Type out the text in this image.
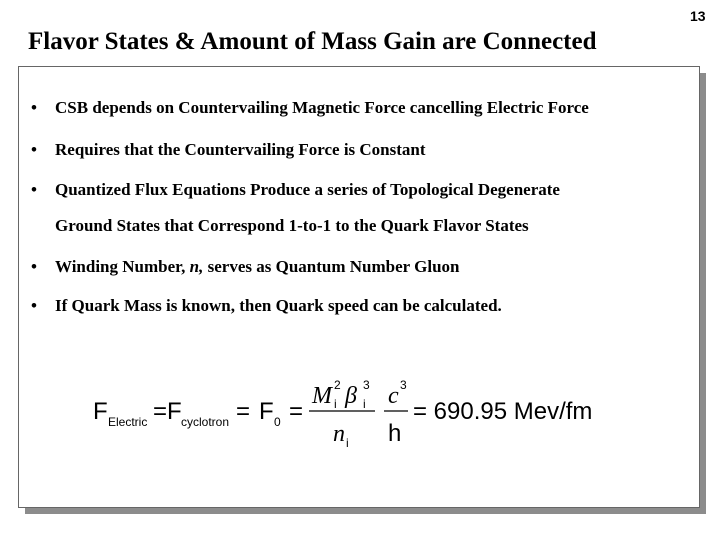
13
Flavor States & Amount of Mass Gain are Connected
• CSB depends on Countervailing Magnetic Force cancelling Electric Force
• Requires that the Countervailing Force is Constant
• Quantized Flux Equations Produce a series of Topological Degenerate
Ground States that Correspond 1-to-1 to the Quark Flavor States
• Winding Number, n, serves as Quantum Number Gluon
• If Quark Mass is known, then Quark speed can be calculated.
F Electric =F cyclotron = F 0 =
M 2
i β 3
i
n i
c 3
h
= 690.95 Mev/fm
